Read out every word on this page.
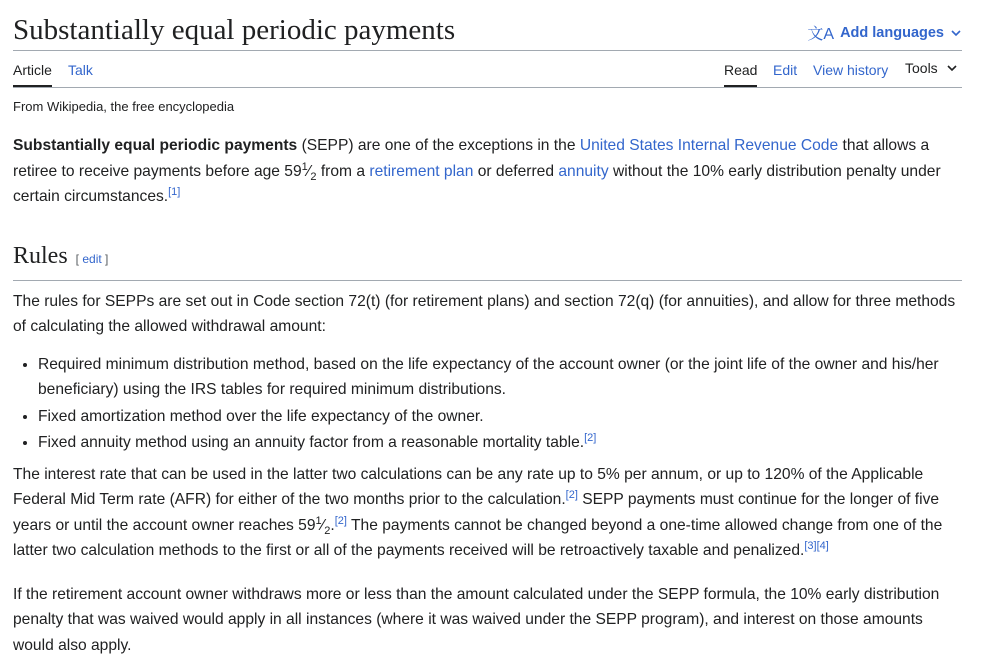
Substantially equal periodic payments	文A Add languages
Article Talk	Read Edit View history Tools
From Wikipedia, the free encyclopedia

Substantially equal periodic payments (SEPP) are one of the exceptions in the United States Internal Revenue Code that allows a retiree to receive payments before age $59^1⁄_2$ from a retirement plan or deferred annuity without the 10% early distribution penalty under certain circumstances.[1]

Rules [ edit ]

The rules for SEPPs are set out in Code section 72(t) (for retirement plans) and section 72(q) (for annuities), and allow for three methods of calculating the allowed withdrawal amount:

• Required minimum distribution method, based on the life expectancy of the account owner (or the joint life of the owner and his/her beneficiary) using the IRS tables for required minimum distributions.
• Fixed amortization method over the life expectancy of the owner.
• Fixed annuity method using an annuity factor from a reasonable mortality table.[2]

The interest rate that can be used in the latter two calculations can be any rate up to 5% per annum, or up to 120% of the Applicable Federal Mid Term rate (AFR) for either of the two months prior to the calculation.[2] SEPP payments must continue for the longer of five years or until the account owner reaches $59^1⁄_2.[2]$ The payments cannot be changed beyond a one-time allowed change from one of the latter two calculation methods to the first or all of the payments received will be retroactively taxable and penalized.[3][4]

If the retirement account owner withdraws more or less than the amount calculated under the SEPP formula, the 10% early distribution penalty that was waived would apply in all instances (where it was waived under the SEPP program), and interest on those amounts would also apply.
